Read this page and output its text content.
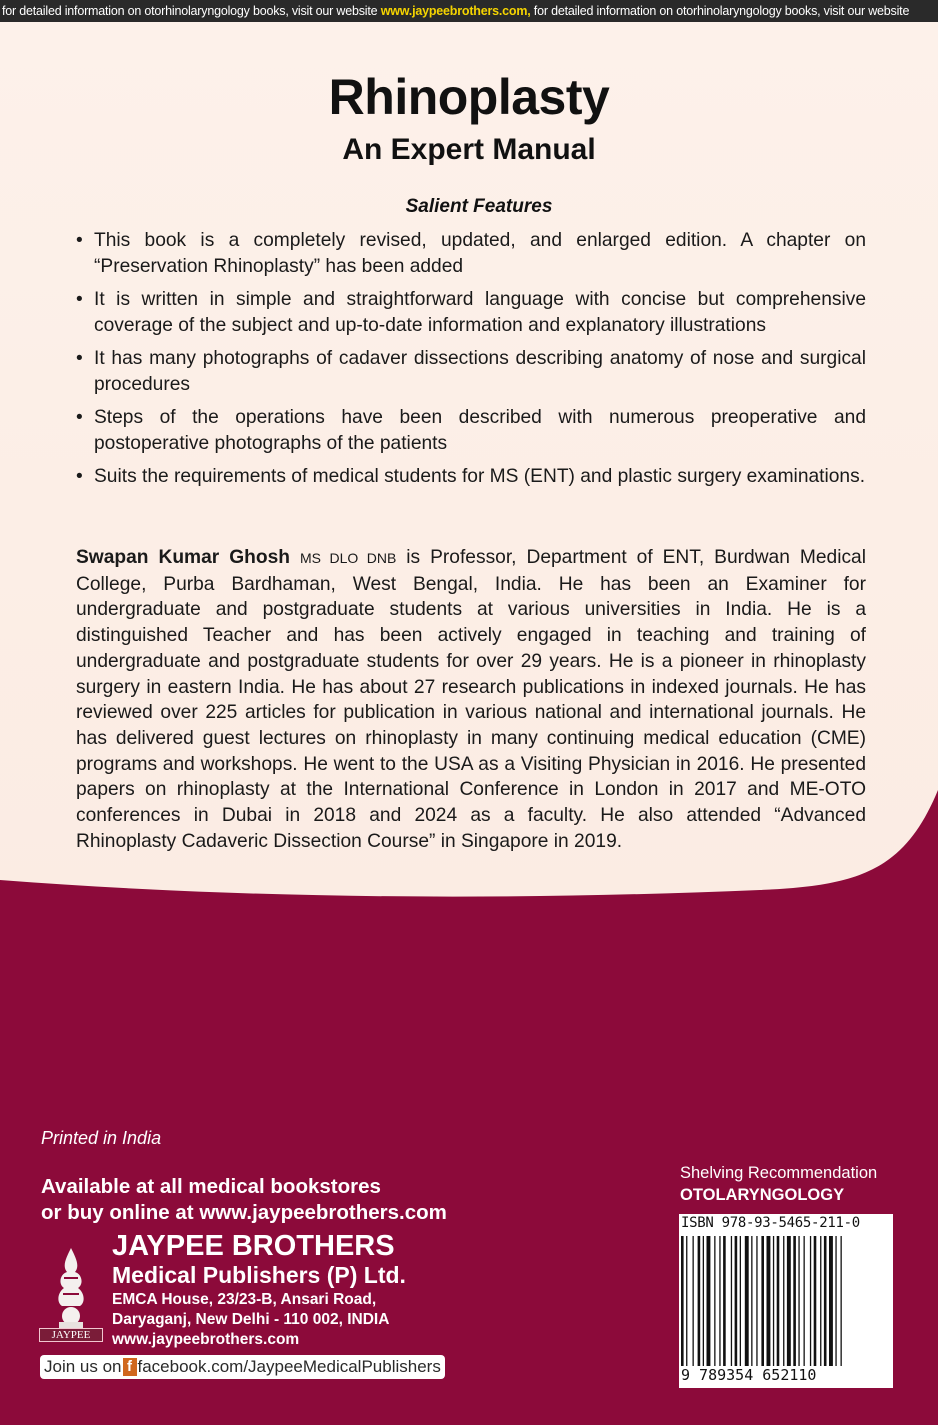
for detailed information on otorhinolaryngology books, visit our website www.jaypeebrothers.com, for detailed information on otorhinolaryngology books, visit our website
Rhinoplasty
An Expert Manual
Salient Features
• This book is a completely revised, updated, and enlarged edition. A chapter on “Preservation Rhinoplasty” has been added
• It is written in simple and straightforward language with concise but comprehensive coverage of the subject and up-to-date information and explanatory illustrations
• It has many photographs of cadaver dissections describing anatomy of nose and surgical procedures
• Steps of the operations have been described with numerous preoperative and postoperative photographs of the patients
• Suits the requirements of medical students for MS (ENT) and plastic surgery examinations.
Swapan Kumar Ghosh MS DLO DNB is Professor, Department of ENT, Burdwan Medical College, Purba Bardhaman, West Bengal, India. He has been an Examiner for undergraduate and postgraduate students at various universities in India. He is a distinguished Teacher and has been actively engaged in teaching and training of undergraduate and postgraduate students for over 29 years. He is a pioneer in rhinoplasty surgery in eastern India. He has about 27 research publications in indexed journals. He has reviewed over 225 articles for publication in various national and international journals. He has delivered guest lectures on rhinoplasty in many continuing medical education (CME) programs and workshops. He went to the USA as a Visiting Physician in 2016. He presented papers on rhinoplasty at the International Conference in London in 2017 and ME-OTO conferences in Dubai in 2018 and 2024 as a faculty. He also attended “Advanced Rhinoplasty Cadaveric Dissection Course” in Singapore in 2019.
Printed in India
Available at all medical bookstores
or buy online at www.jaypeebrothers.com
JAYPEE
JAYPEE BROTHERS
Medical Publishers (P) Ltd.
EMCA House, 23/23-B, Ansari Road,
Daryaganj, New Delhi - 110 002, INDIA
www.jaypeebrothers.com
Join us on f facebook.com/JaypeeMedicalPublishers
Shelving Recommendation
OTOLARYNGOLOGY
ISBN 978-93-5465-211-0
9 789354 652110
